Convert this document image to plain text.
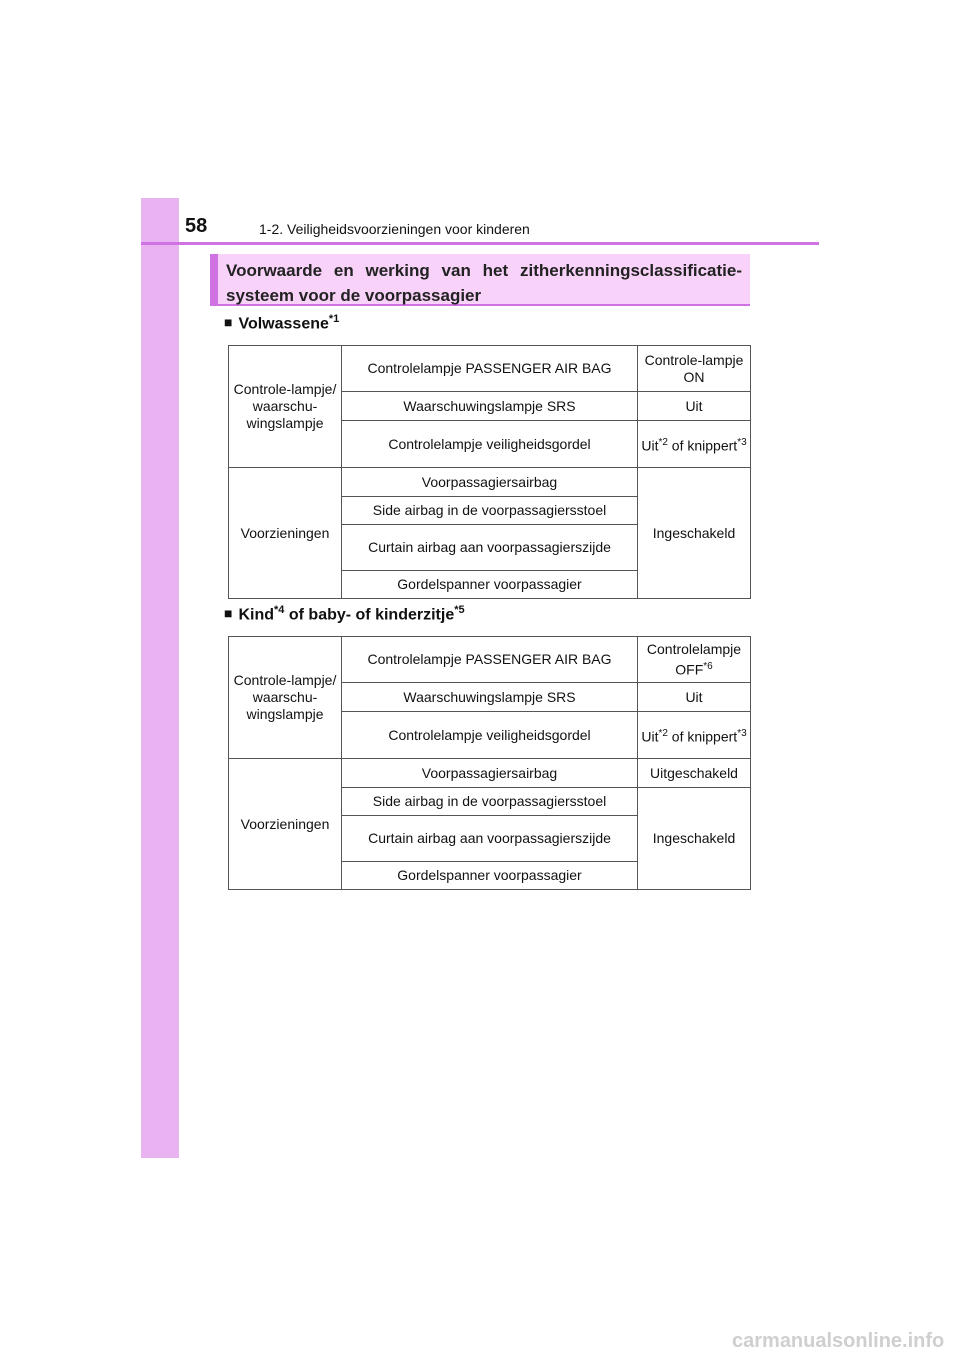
58	1-2. Veiligheidsvoorzieningen voor kinderen
Voorwaarde en werking van het zitherkenningsclassificatie-systeem voor de voorpassagier
■ Volwassene$^{*1}$
Controle-lampje/ waarschu-wingslampje	Controlelampje PASSENGER AIR BAG	Controle-lampje ON
	Waarschuwingslampje SRS	Uit
	Controlelampje veiligheidsgordel	Uit$^{*2}$ of knippert$^{*3}$
Voorzieningen	Voorpassagiersairbag	Ingeschakeld
	Side airbag in de voorpassagiersstoel	
	Curtain airbag aan voorpassagierszijde	
	Gordelspanner voorpassagier	
■ Kind$^{*4}$ of baby- of kinderzitje$^{*5}$
Controle-lampje/ waarschu-wingslampje	Controlelampje PASSENGER AIR BAG	Controlelampje OFF$^{*6}$
	Waarschuwingslampje SRS	Uit
	Controlelampje veiligheidsgordel	Uit$^{*2}$ of knippert$^{*3}$
Voorzieningen	Voorpassagiersairbag	Uitgeschakeld
	Side airbag in de voorpassagiersstoel	Ingeschakeld
	Curtain airbag aan voorpassagierszijde	
	Gordelspanner voorpassagier	
carmanualsonline.info
